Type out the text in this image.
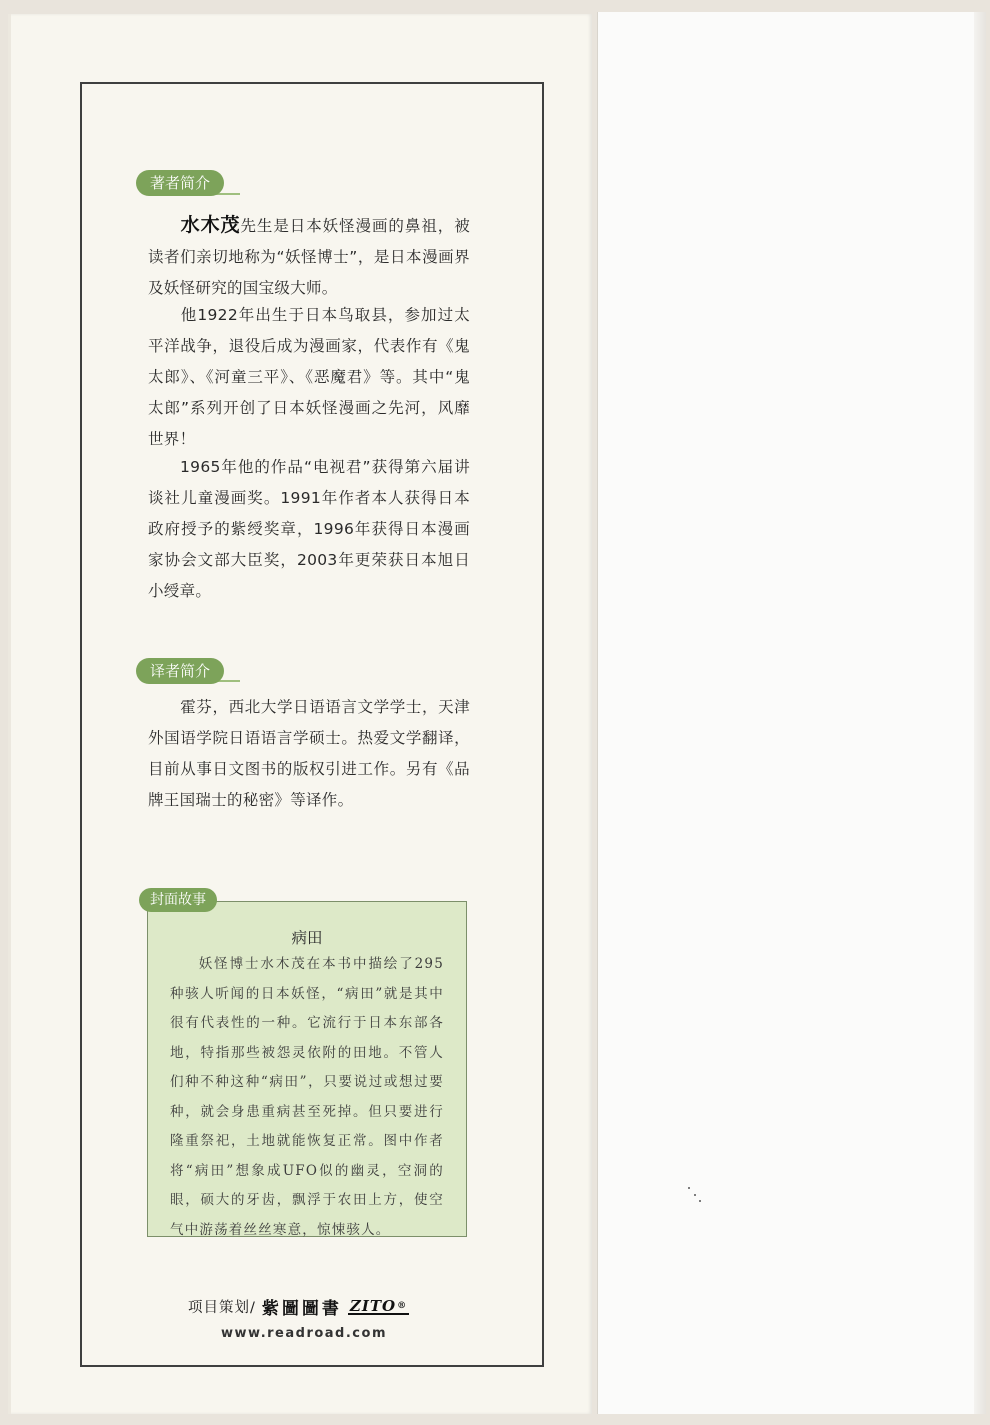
著者简介

水木茂先生是日本妖怪漫画的鼻祖，被读者们亲切地称为“妖怪博士”，是日本漫画界及妖怪研究的国宝级大师。

他1922年出生于日本鸟取县，参加过太平洋战争，退役后成为漫画家，代表作有《鬼太郎》、《河童三平》、《恶魔君》等。其中“鬼太郎”系列开创了日本妖怪漫画之先河，风靡世界！

1965年他的作品“电视君”获得第六届讲谈社儿童漫画奖。1991年作者本人获得日本政府授予的紫绶奖章，1996年获得日本漫画家协会文部大臣奖，2003年更荣获日本旭日小绶章。

译者简介

霍芬，西北大学日语语言文学学士，天津外国语学院日语语言学硕士。热爱文学翻译，目前从事日文图书的版权引进工作。另有《品牌王国瑞士的秘密》等译作。

病田

妖怪博士水木茂在本书中描绘了295种骇人听闻的日本妖怪，“病田”就是其中很有代表性的一种。它流行于日本东部各地，特指那些被怨灵依附的田地。不管人们种不种这种“病田”，只要说过或想过要种，就会身患重病甚至死掉。但只要进行隆重祭祀，土地就能恢复正常。图中作者将“病田”想象成UFO似的幽灵，空洞的眼，硕大的牙齿，飘浮于农田上方，使空气中游荡着丝丝寒意，惊悚骇人。

封面故事
项目策划/ 紫圖圖書 ZITO®
www.readroad.com
